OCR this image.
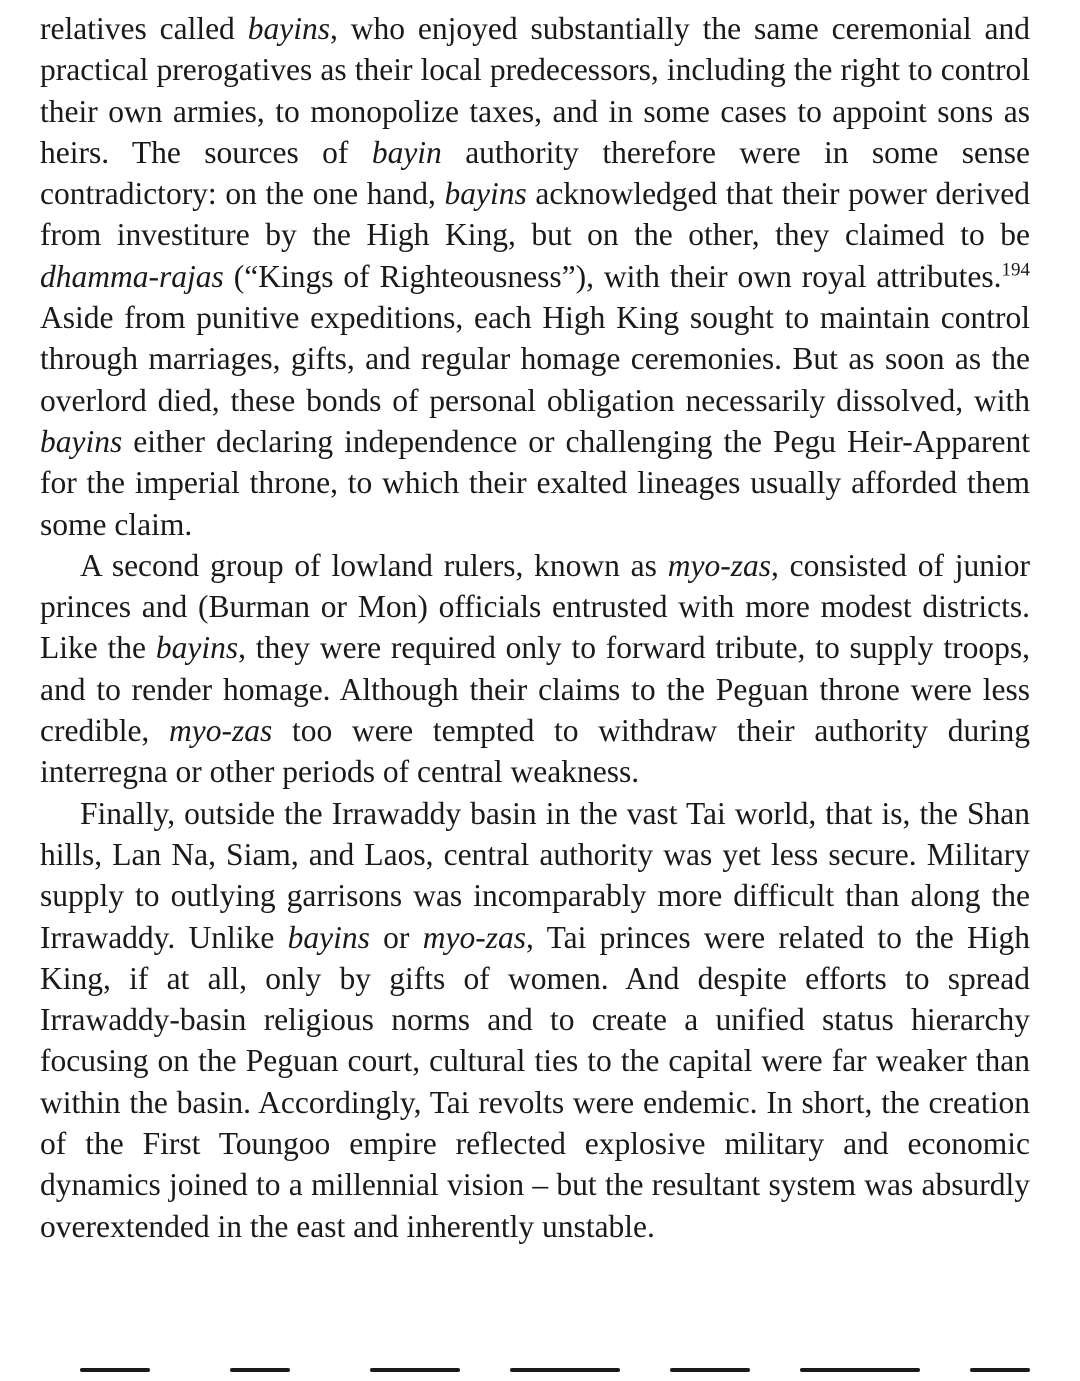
relatives called bayins, who enjoyed substantially the same ceremonial and practical prerogatives as their local predecessors, including the right to control their own armies, to monopolize taxes, and in some cases to appoint sons as heirs. The sources of bayin authority therefore were in some sense contradictory: on the one hand, bayins acknowledged that their power derived from investiture by the High King, but on the other, they claimed to be dhamma-rajas (“Kings of Righteousness”), with their own royal attributes.$^{194}$ Aside from punitive expeditions, each High King sought to maintain control through marriages, gifts, and regular homage ceremonies. But as soon as the overlord died, these bonds of personal obligation necessarily dissolved, with bayins either declaring independence or challenging the Pegu Heir-Apparent for the imperial throne, to which their exalted lineages usually afforded them some claim.

A second group of lowland rulers, known as myo-zas, consisted of junior princes and (Burman or Mon) officials entrusted with more modest districts. Like the bayins, they were required only to forward tribute, to supply troops, and to render homage. Although their claims to the Peguan throne were less credible, myo-zas too were tempted to withdraw their authority during interregna or other periods of central weakness.

Finally, outside the Irrawaddy basin in the vast Tai world, that is, the Shan hills, Lan Na, Siam, and Laos, central authority was yet less secure. Military supply to outlying garrisons was incomparably more difficult than along the Irrawaddy. Unlike bayins or myo-zas, Tai princes were related to the High King, if at all, only by gifts of women. And despite efforts to spread Irrawaddy-basin religious norms and to create a unified status hierarchy focusing on the Peguan court, cultural ties to the capital were far weaker than within the basin. Accordingly, Tai revolts were endemic. In short, the creation of the First Toungoo empire reflected explosive military and economic dynamics joined to a millennial vision – but the resultant system was absurdly overextended in the east and inherently unstable.
